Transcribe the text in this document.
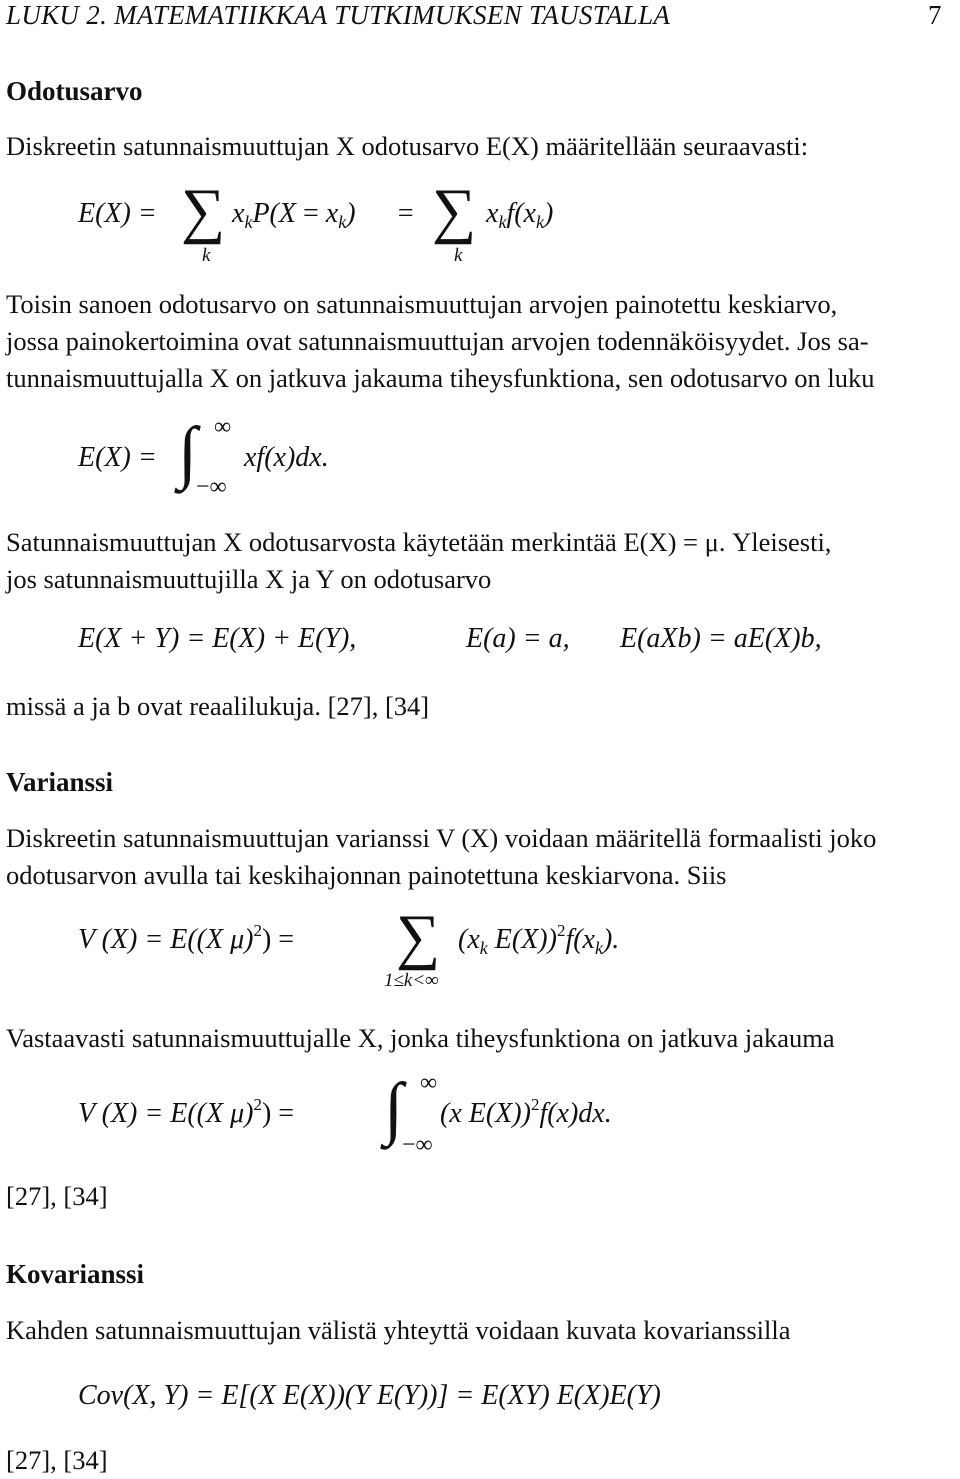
LUKU 2. MATEMATIIKKAA TUTKIMUKSEN TAUSTALLA	7
Odotusarvo
Diskreetin satunnaismuuttujan X odotusarvo E(X) määritellään seuraavasti:
E(X) = ∑
k
$x_kP(X = x_k)$ = ∑
k
$x_kf(x_k)$
Toisin sanoen odotusarvo on satunnaismuuttujan arvojen painotettu keskiarvo,
jossa painokertoimina ovat satunnaismuuttujan arvojen todennäköisyydet. Jos sa-
tunnaismuuttujalla X on jatkuva jakauma tiheysfunktiona, sen odotusarvo on luku
E(X) = ∫ ∞
−∞
xf(x)dx.
Satunnaismuuttujan X odotusarvosta käytetään merkintää E(X) = μ. Yleisesti,
jos satunnaismuuttujilla X ja Y on odotusarvo
E(X + Y) = E(X) + E(Y),	E(a) = a, E(aXb) = aE(X)b,
missä a ja b ovat reaalilukuja. [27], [34]
Varianssi
Diskreetin satunnaismuuttujan varianssi V (X) voidaan määritellä formaalisti joko
odotusarvon avulla tai keskihajonnan painotettuna keskiarvona. Siis
V (X) = E((X μ)$^2$) = ∑
1≤k<∞
($x_k$ $E(X))^2f(x_k)$.
Vastaavasti satunnaismuuttujalle X, jonka tiheysfunktiona on jatkuva jakauma
V (X) = E((X μ)$^2$) = ∫ ∞
−∞
(x E(X))$^2$f(x)dx.
[27], [34]
Kovarianssi
Kahden satunnaismuuttujan välistä yhteyttä voidaan kuvata kovarianssilla
Cov(X, Y) = E[(X E(X))(Y E(Y))] = E(XY) E(X)E(Y)
[27], [34]
